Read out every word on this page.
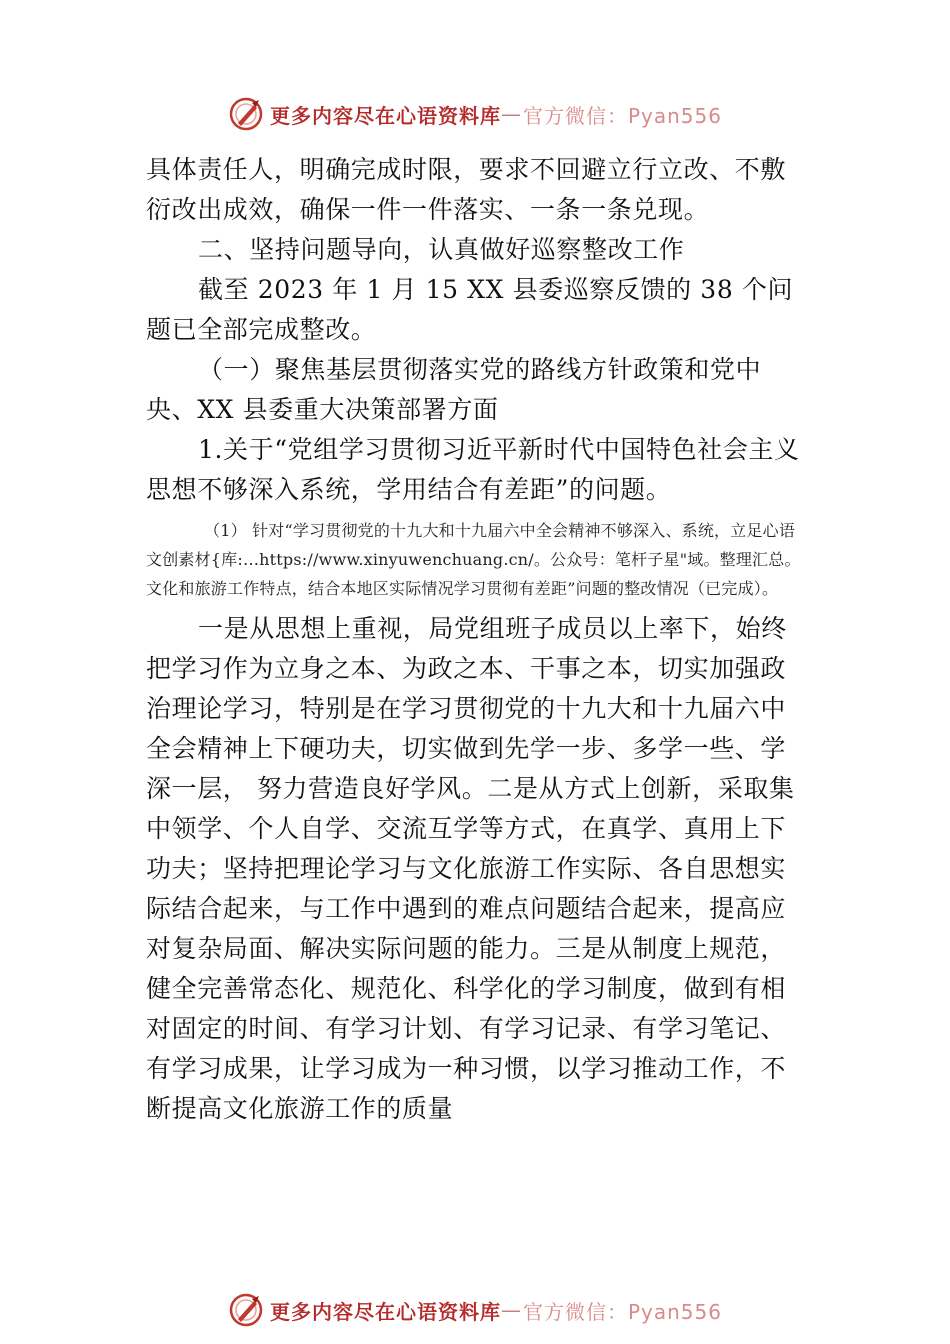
更多内容尽在心语资料库 — 官方微信：Pyan556

具体责任人，明确完成时限，要求不回避立行立改、不敷衍改出成效，确保一件一件落实、一条一条兑现。

二、坚持问题导向，认真做好巡察整改工作

截至 2023 年 1 月 15 XX 县委巡察反馈的 38 个问题已全部完成整改。

（一）聚焦基层贯彻落实党的路线方针政策和党中央、XX 县委重大决策部署方面

1.关于“党组学习贯彻习近平新时代中国特色社会主义思想不够深入系统，学用结合有差距”的问题。

（1） 针对“学习贯彻党的十九大和十九届六中全会精神不够深入、系统，立足心语文创素材{库:…https://www.xinyuwenchuang.cn/。公众号：笔杆子星"域。整理汇总。文化和旅游工作特点，结合本地区实际情况学习贯彻有差距”问题的整改情况（已完成）。

一是从思想上重视，局党组班子成员以上率下，始终把学习作为立身之本、为政之本、干事之本，切实加强政治理论学习，特别是在学习贯彻党的十九大和十九届六中全会精神上下硬功夫，切实做到先学一步、多学一些、学深一层， 努力营造良好学风。二是从方式上创新，采取集中领学、个人自学、交流互学等方式，在真学、真用上下功夫；坚持把理论学习与文化旅游工作实际、各自思想实际结合起来，与工作中遇到的难点问题结合起来，提高应对复杂局面、解决实际问题的能力。三是从制度上规范，健全完善常态化、规范化、科学化的学习制度，做到有相对固定的时间、有学习计划、有学习记录、有学习笔记、有学习成果，让学习成为一种习惯，以学习推动工作，不断提高文化旅游工作的质量

更多内容尽在心语资料库 — 官方微信：Pyan556
